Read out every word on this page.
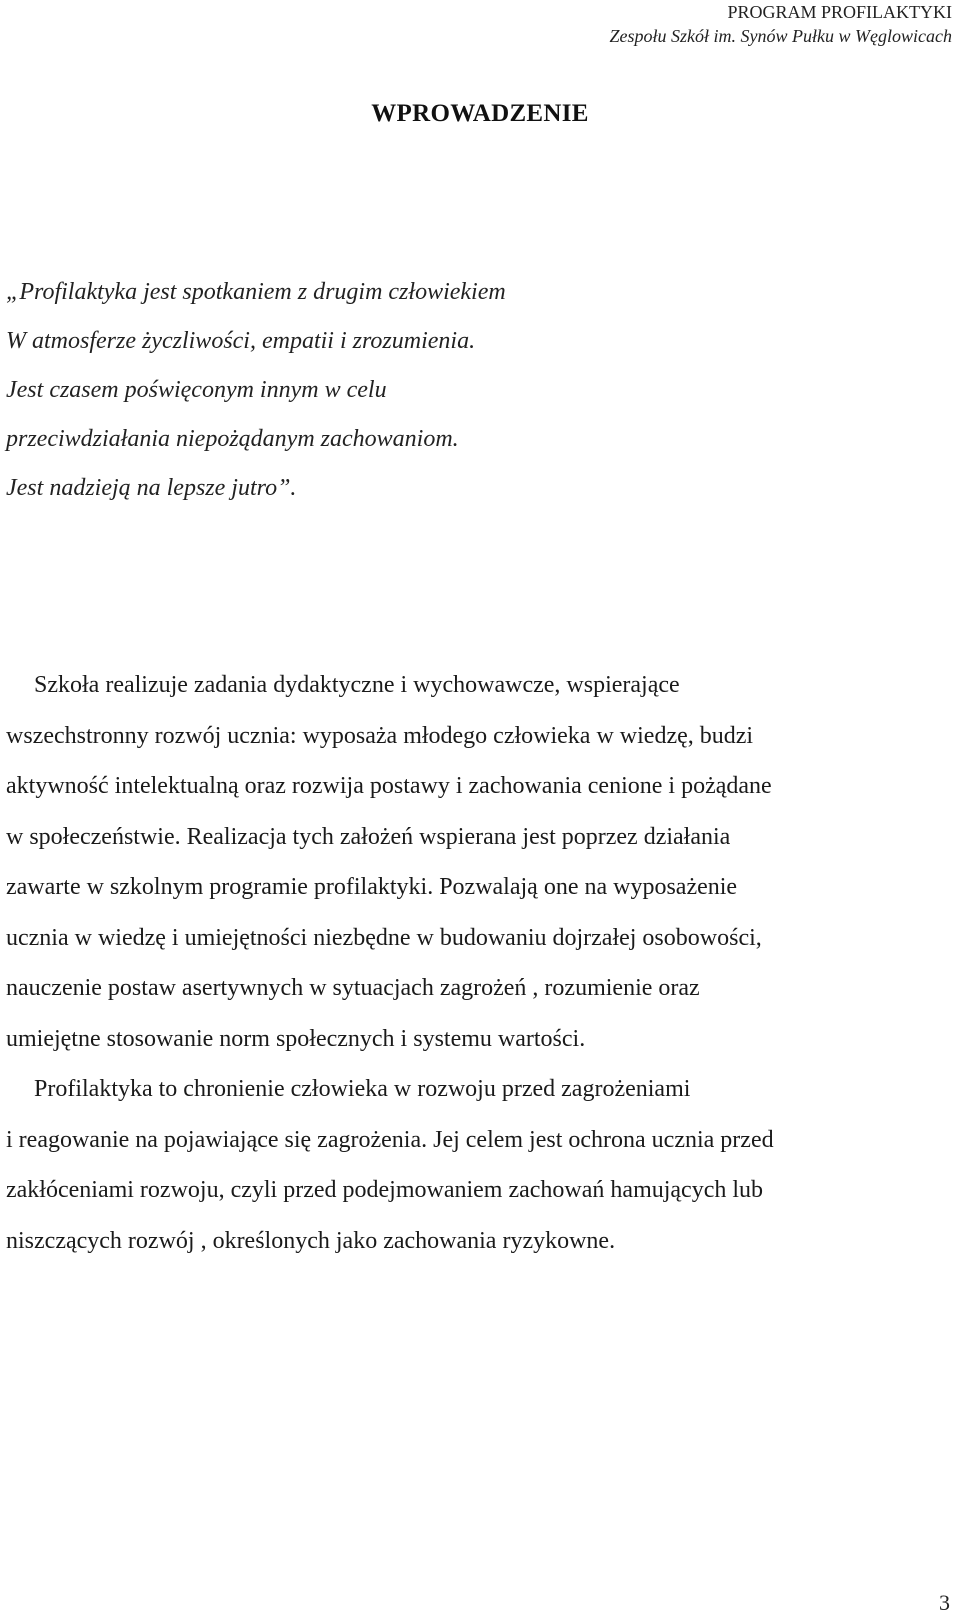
PROGRAM PROFILAKTYKI
Zespołu Szkół im. Synów Pułku w Węglowicach
WPROWADZENIE
„Profilaktyka jest spotkaniem z drugim człowiekiem
W atmosferze życzliwości, empatii i zrozumienia.
Jest czasem poświęconym innym w celu
przeciwdziałania niepożądanym zachowaniom.
Jest nadzieją na lepsze jutro”.
Szkoła realizuje zadania dydaktyczne i wychowawcze, wspierające
wszechstronny rozwój ucznia: wyposaża młodego człowieka w wiedzę, budzi
aktywność intelektualną oraz rozwija postawy i zachowania cenione i pożądane
w społeczeństwie. Realizacja tych założeń wspierana jest poprzez działania
zawarte w szkolnym programie profilaktyki. Pozwalają one na wyposażenie
ucznia w wiedzę i umiejętności niezbędne w budowaniu dojrzałej osobowości,
nauczenie postaw asertywnych w sytuacjach zagrożeń , rozumienie oraz
umiejętne stosowanie norm społecznych i systemu wartości.
Profilaktyka to chronienie człowieka w rozwoju przed zagrożeniami
i reagowanie na pojawiające się zagrożenia. Jej celem jest ochrona ucznia przed
zakłóceniami rozwoju, czyli przed podejmowaniem zachowań hamujących lub
niszczących rozwój , określonych jako zachowania ryzykowne.
3
